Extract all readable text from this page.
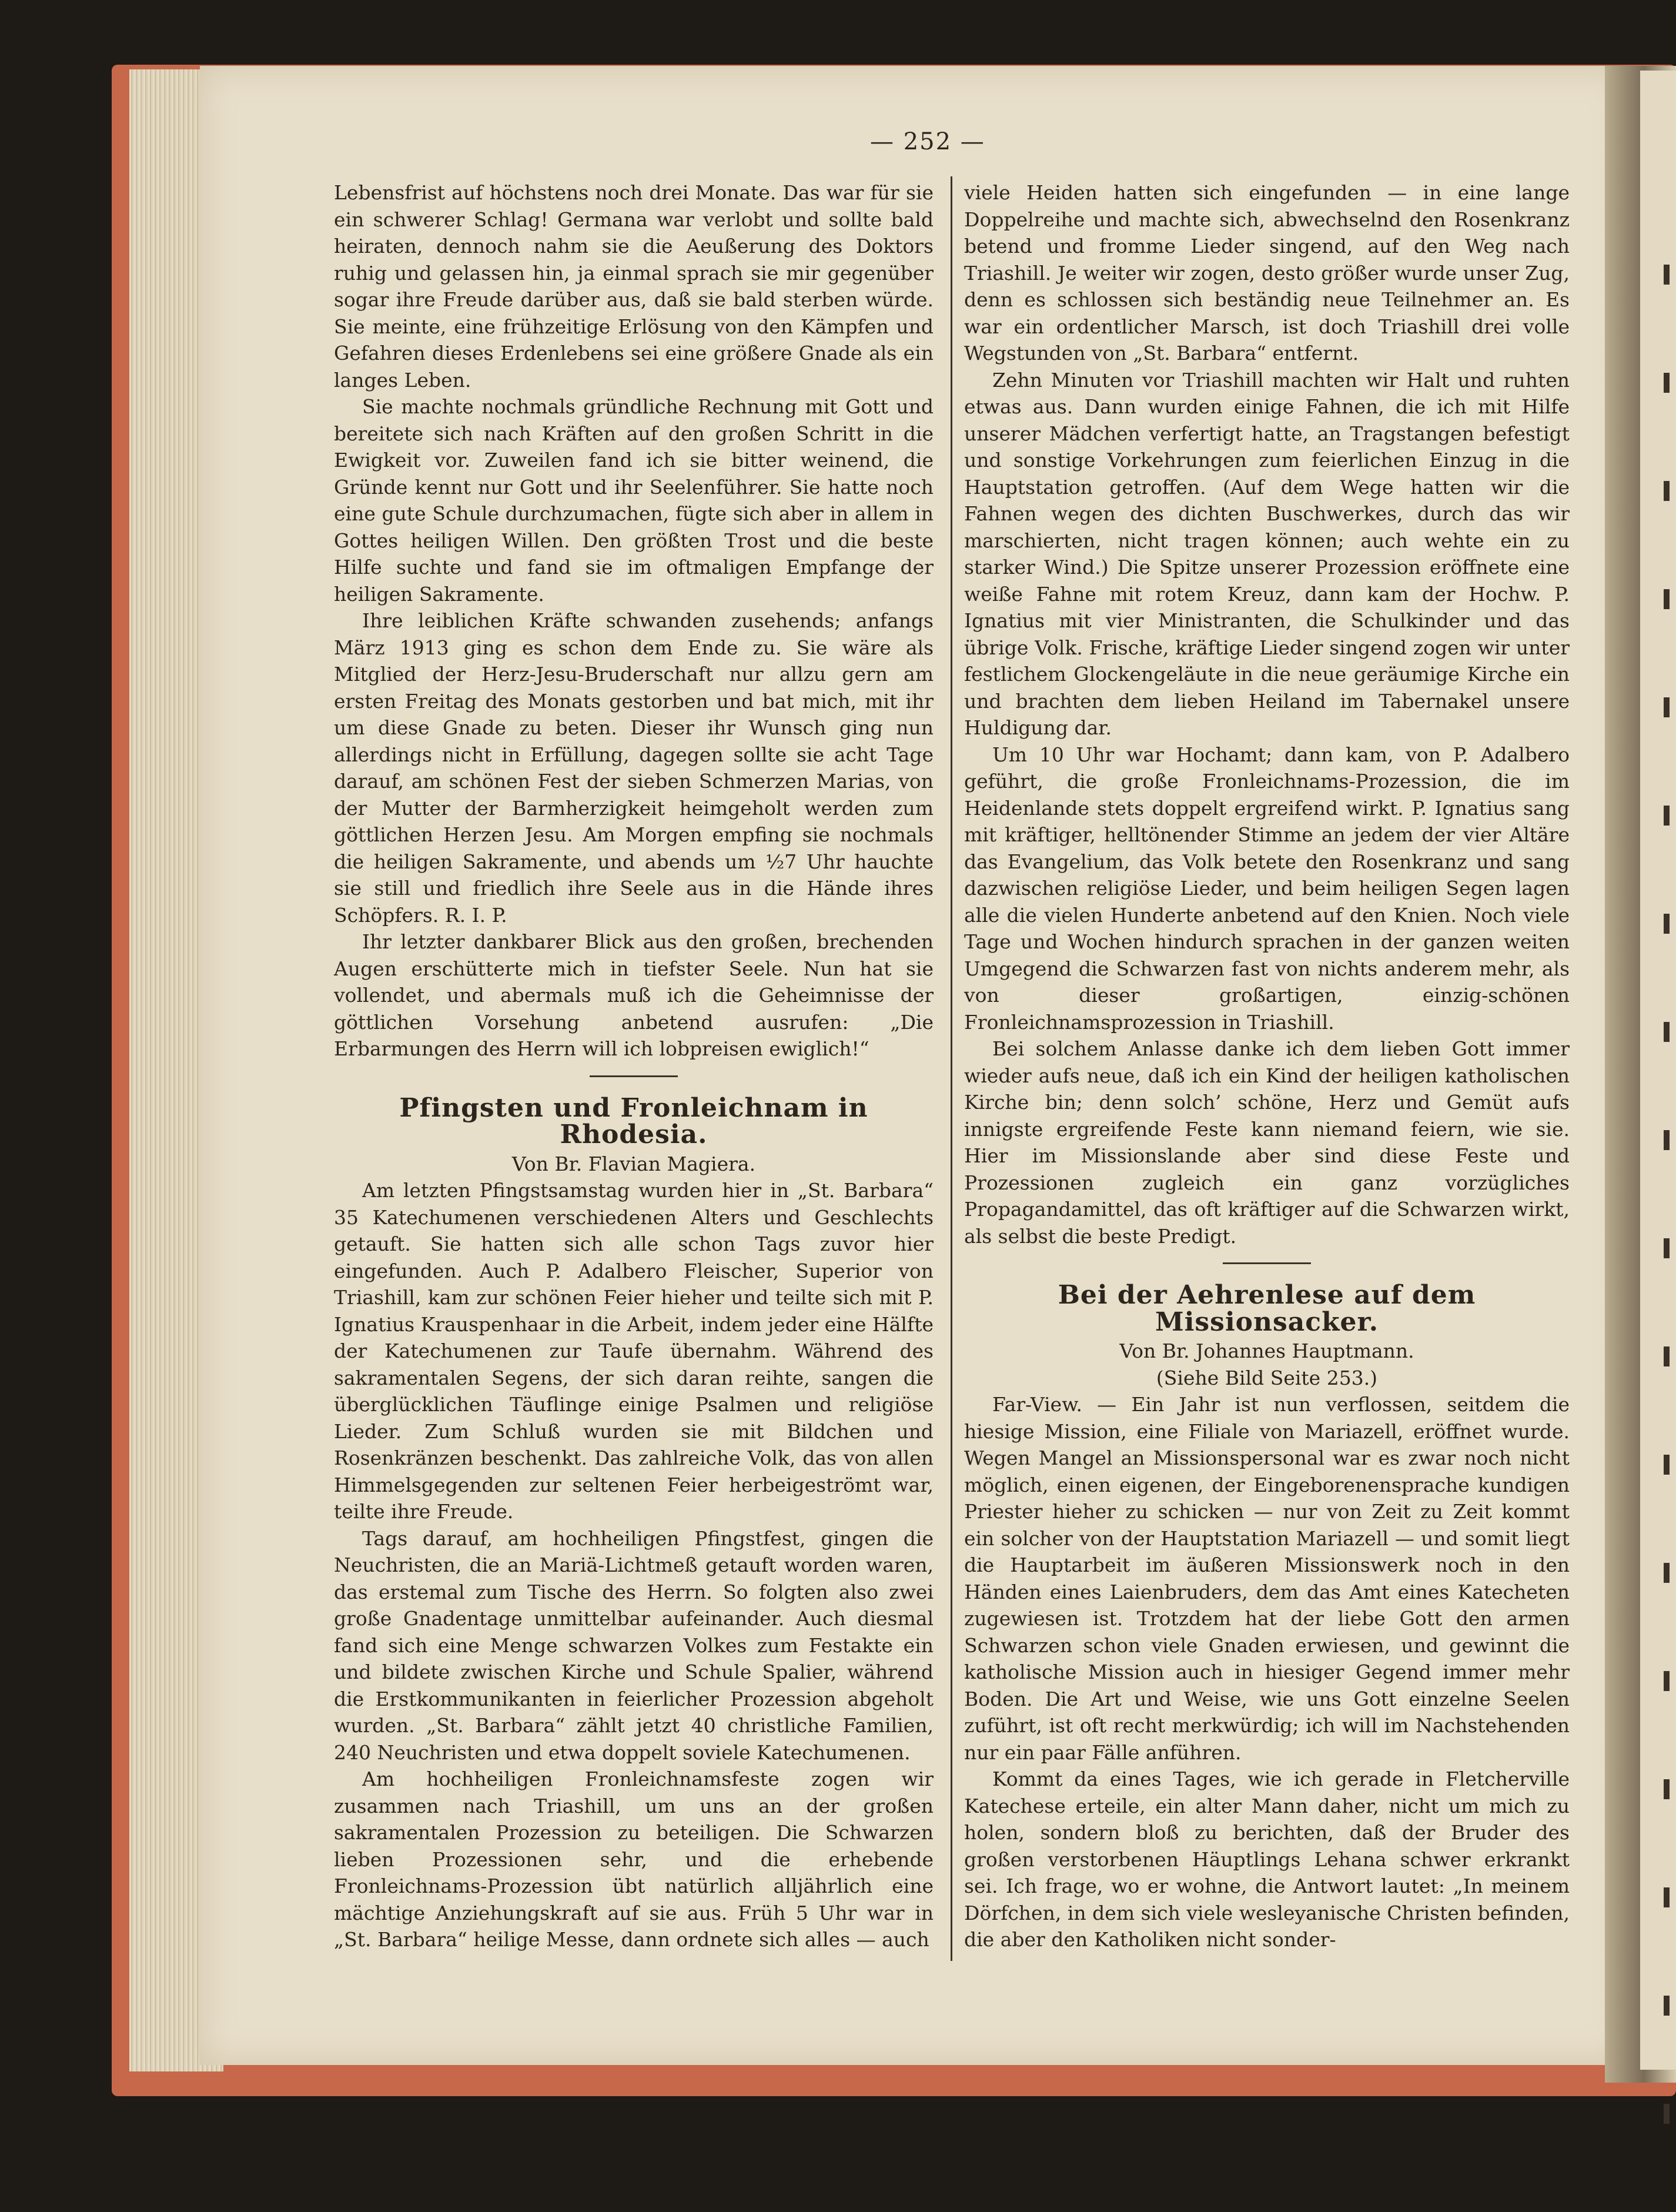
— 252 —

Lebensfrist auf höchstens noch drei Monate. Das war für sie ein schwerer Schlag! Germana war verlobt und sollte bald heiraten, dennoch nahm sie die Aeußerung des Doktors ruhig und gelassen hin, ja einmal sprach sie mir gegenüber sogar ihre Freude darüber aus, daß sie bald sterben würde. Sie meinte, eine frühzeitige Erlösung von den Kämpfen und Gefahren dieses Erdenlebens sei eine größere Gnade als ein langes Leben.

Sie machte nochmals gründliche Rechnung mit Gott und bereitete sich nach Kräften auf den großen Schritt in die Ewigkeit vor. Zuweilen fand ich sie bitter weinend, die Gründe kennt nur Gott und ihr Seelenführer. Sie hatte noch eine gute Schule durchzumachen, fügte sich aber in allem in Gottes heiligen Willen. Den größten Trost und die beste Hilfe suchte und fand sie im oftmaligen Empfange der heiligen Sakramente.

Ihre leiblichen Kräfte schwanden zusehends; anfangs März 1913 ging es schon dem Ende zu. Sie wäre als Mitglied der Herz-Jesu-Bruderschaft nur allzu gern am ersten Freitag des Monats gestorben und bat mich, mit ihr um diese Gnade zu beten. Dieser ihr Wunsch ging nun allerdings nicht in Erfüllung, dagegen sollte sie acht Tage darauf, am schönen Fest der sieben Schmerzen Marias, von der Mutter der Barmherzigkeit heimgeholt werden zum göttlichen Herzen Jesu. Am Morgen empfing sie nochmals die heiligen Sakramente, und abends um ½7 Uhr hauchte sie still und friedlich ihre Seele aus in die Hände ihres Schöpfers. R. I. P.

Ihr letzter dankbarer Blick aus den großen, brechenden Augen erschütterte mich in tiefster Seele. Nun hat sie vollendet, und abermals muß ich die Geheimnisse der göttlichen Vorsehung anbetend ausrufen: „Die Erbarmungen des Herrn will ich lobpreisen ewiglich!“

Pfingsten und Fronleichnam in Rhodesia.

Von Br. Flavian Magiera.

Am letzten Pfingstsamstag wurden hier in „St. Barbara“ 35 Katechumenen verschiedenen Alters und Geschlechts getauft. Sie hatten sich alle schon Tags zuvor hier eingefunden. Auch P. Adalbero Fleischer, Superior von Triashill, kam zur schönen Feier hieher und teilte sich mit P. Ignatius Krauspenhaar in die Arbeit, indem jeder eine Hälfte der Katechumenen zur Taufe übernahm. Während des sakramentalen Segens, der sich daran reihte, sangen die überglücklichen Täuflinge einige Psalmen und religiöse Lieder. Zum Schluß wurden sie mit Bildchen und Rosenkränzen beschenkt. Das zahlreiche Volk, das von allen Himmelsgegenden zur seltenen Feier herbeigeströmt war, teilte ihre Freude.

Tags darauf, am hochheiligen Pfingstfest, gingen die Neuchristen, die an Mariä-Lichtmeß getauft worden waren, das erstemal zum Tische des Herrn. So folgten also zwei große Gnadentage unmittelbar aufeinander. Auch diesmal fand sich eine Menge schwarzen Volkes zum Festakte ein und bildete zwischen Kirche und Schule Spalier, während die Erstkommunikanten in feierlicher Prozession abgeholt wurden. „St. Barbara“ zählt jetzt 40 christliche Familien, 240 Neuchristen und etwa doppelt soviele Katechumenen.

Am hochheiligen Fronleichnamsfeste zogen wir zusammen nach Triashill, um uns an der großen sakramentalen Prozession zu beteiligen. Die Schwarzen lieben Prozessionen sehr, und die erhebende Fronleichnams-Prozession übt natürlich alljährlich eine mächtige Anziehungskraft auf sie aus. Früh 5 Uhr war in „St. Barbara“ heilige Messe, dann ordnete sich alles — auch

viele Heiden hatten sich eingefunden — in eine lange Doppelreihe und machte sich, abwechselnd den Rosenkranz betend und fromme Lieder singend, auf den Weg nach Triashill. Je weiter wir zogen, desto größer wurde unser Zug, denn es schlossen sich beständig neue Teilnehmer an. Es war ein ordentlicher Marsch, ist doch Triashill drei volle Wegstunden von „St. Barbara“ entfernt.

Zehn Minuten vor Triashill machten wir Halt und ruhten etwas aus. Dann wurden einige Fahnen, die ich mit Hilfe unserer Mädchen verfertigt hatte, an Tragstangen befestigt und sonstige Vorkehrungen zum feierlichen Einzug in die Hauptstation getroffen. (Auf dem Wege hatten wir die Fahnen wegen des dichten Buschwerkes, durch das wir marschierten, nicht tragen können; auch wehte ein zu starker Wind.) Die Spitze unserer Prozession eröffnete eine weiße Fahne mit rotem Kreuz, dann kam der Hochw. P. Ignatius mit vier Ministranten, die Schulkinder und das übrige Volk. Frische, kräftige Lieder singend zogen wir unter festlichem Glockengeläute in die neue geräumige Kirche ein und brachten dem lieben Heiland im Tabernakel unsere Huldigung dar.

Um 10 Uhr war Hochamt; dann kam, von P. Adalbero geführt, die große Fronleichnams-Prozession, die im Heidenlande stets doppelt ergreifend wirkt. P. Ignatius sang mit kräftiger, helltönender Stimme an jedem der vier Altäre das Evangelium, das Volk betete den Rosenkranz und sang dazwischen religiöse Lieder, und beim heiligen Segen lagen alle die vielen Hunderte anbetend auf den Knien. Noch viele Tage und Wochen hindurch sprachen in der ganzen weiten Umgegend die Schwarzen fast von nichts anderem mehr, als von dieser großartigen, einzig-schönen Fronleichnamsprozession in Triashill.

Bei solchem Anlasse danke ich dem lieben Gott immer wieder aufs neue, daß ich ein Kind der heiligen katholischen Kirche bin; denn solch’ schöne, Herz und Gemüt aufs innigste ergreifende Feste kann niemand feiern, wie sie. Hier im Missionslande aber sind diese Feste und Prozessionen zugleich ein ganz vorzügliches Propagandamittel, das oft kräftiger auf die Schwarzen wirkt, als selbst die beste Predigt.

Bei der Aehrenlese auf dem Missionsacker.

Von Br. Johannes Hauptmann.

(Siehe Bild Seite 253.)

Far-View. — Ein Jahr ist nun verflossen, seitdem die hiesige Mission, eine Filiale von Mariazell, eröffnet wurde. Wegen Mangel an Missionspersonal war es zwar noch nicht möglich, einen eigenen, der Eingeborenensprache kundigen Priester hieher zu schicken — nur von Zeit zu Zeit kommt ein solcher von der Hauptstation Mariazell — und somit liegt die Hauptarbeit im äußeren Missionswerk noch in den Händen eines Laienbruders, dem das Amt eines Katecheten zugewiesen ist. Trotzdem hat der liebe Gott den armen Schwarzen schon viele Gnaden erwiesen, und gewinnt die katholische Mission auch in hiesiger Gegend immer mehr Boden. Die Art und Weise, wie uns Gott einzelne Seelen zuführt, ist oft recht merkwürdig; ich will im Nachstehenden nur ein paar Fälle anführen.

Kommt da eines Tages, wie ich gerade in Fletcherville Katechese erteile, ein alter Mann daher, nicht um mich zu holen, sondern bloß zu berichten, daß der Bruder des großen verstorbenen Häuptlings Lehana schwer erkrankt sei. Ich frage, wo er wohne, die Antwort lautet: „In meinem Dörfchen, in dem sich viele wesleyanische Christen befinden, die aber den Katholiken nicht sonder-
